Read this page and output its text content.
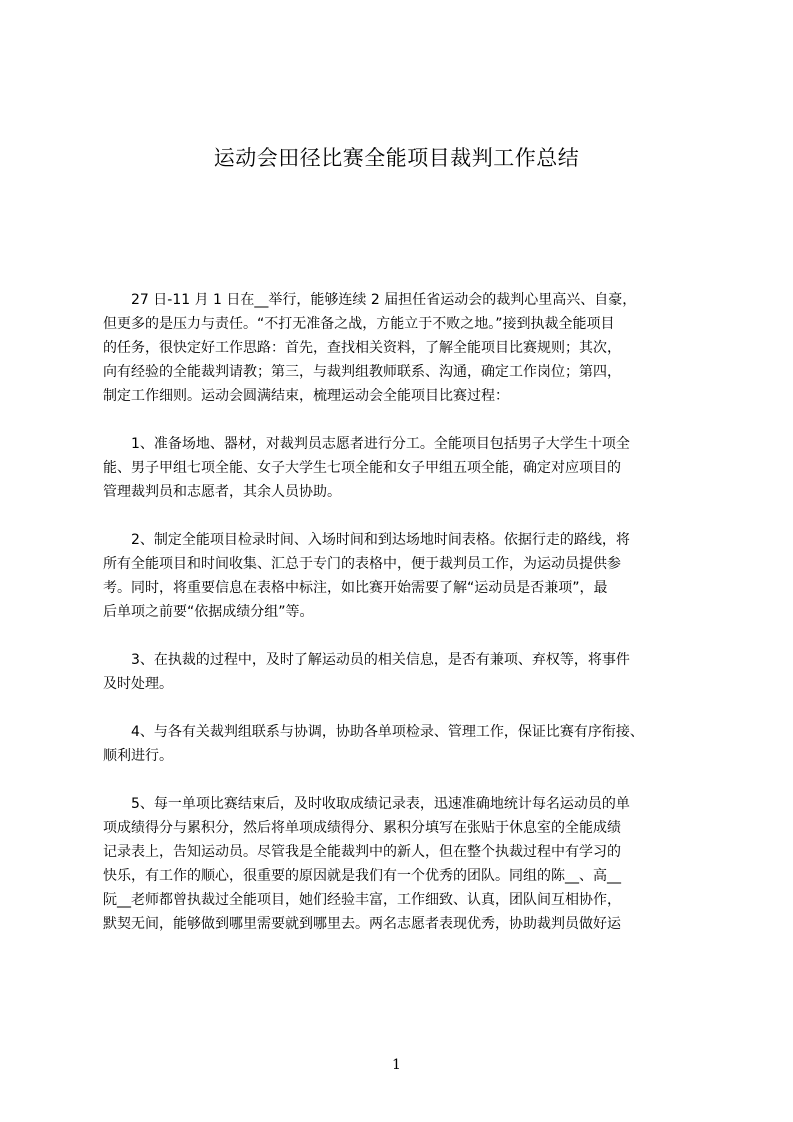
运动会田径比赛全能项目裁判工作总结

　　27 日-11 月 1 日在__举行，能够连续 2 届担任省运动会的裁判心里高兴、自豪，
但更多的是压力与责任。“不打无准备之战，方能立于不败之地。”接到执裁全能项目
的任务，很快定好工作思路：首先，查找相关资料，了解全能项目比赛规则；其次，
向有经验的全能裁判请教；第三，与裁判组教师联系、沟通，确定工作岗位；第四，
制定工作细则。运动会圆满结束，梳理运动会全能项目比赛过程：

　　1、准备场地、器材，对裁判员志愿者进行分工。全能项目包括男子大学生十项全
能、男子甲组七项全能、女子大学生七项全能和女子甲组五项全能，确定对应项目的
管理裁判员和志愿者，其余人员协助。

　　2、制定全能项目检录时间、入场时间和到达场地时间表格。依据行走的路线，将
所有全能项目和时间收集、汇总于专门的表格中，便于裁判员工作，为运动员提供参
考。同时，将重要信息在表格中标注，如比赛开始需要了解“运动员是否兼项”，最
后单项之前要“依据成绩分组”等。

　　3、在执裁的过程中，及时了解运动员的相关信息，是否有兼项、弃权等，将事件
及时处理。

　　4、与各有关裁判组联系与协调，协助各单项检录、管理工作，保证比赛有序衔接、
顺利进行。

　　5、每一单项比赛结束后，及时收取成绩记录表，迅速准确地统计每名运动员的单
项成绩得分与累积分，然后将单项成绩得分、累积分填写在张贴于休息室的全能成绩
记录表上，告知运动员。尽管我是全能裁判中的新人，但在整个执裁过程中有学习的
快乐，有工作的顺心，很重要的原因就是我们有一个优秀的团队。同组的陈__、高__
阮__老师都曾执裁过全能项目，她们经验丰富，工作细致、认真，团队间互相协作，
默契无间，能够做到哪里需要就到哪里去。两名志愿者表现优秀，协助裁判员做好运

1
